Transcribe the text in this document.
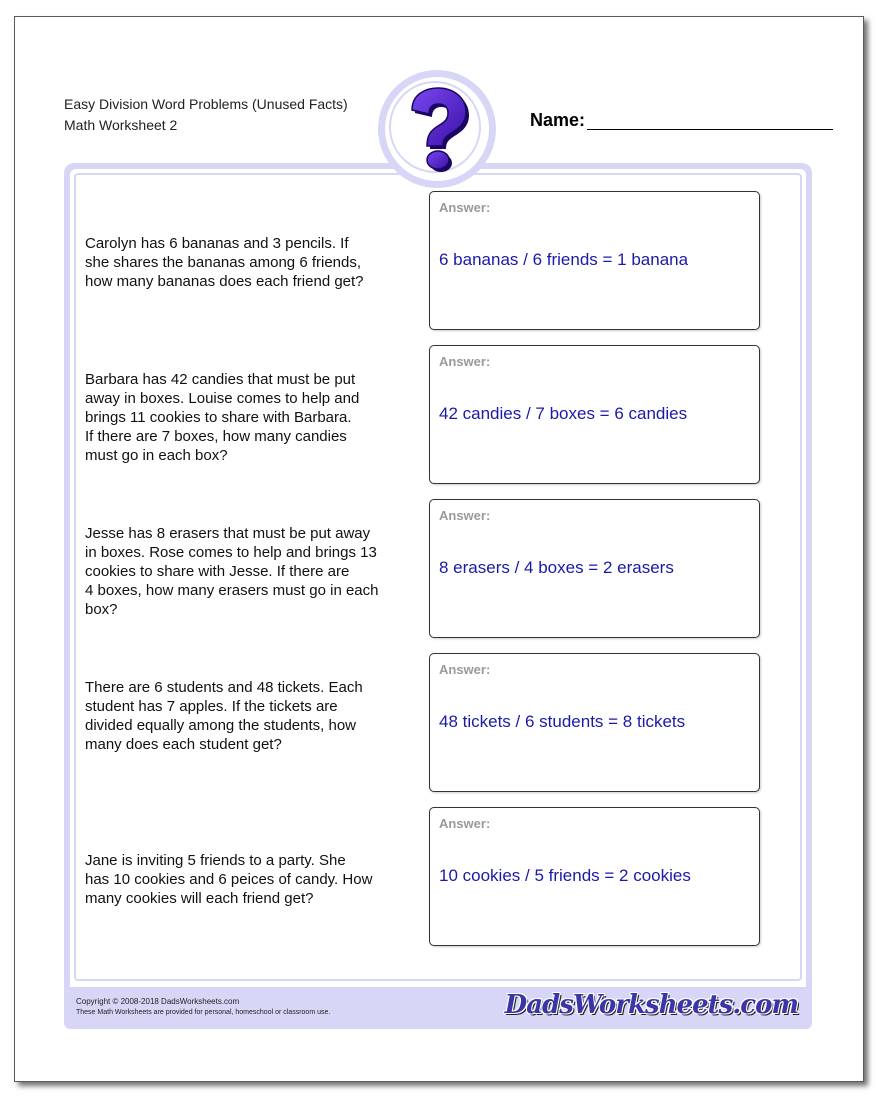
Easy Division Word Problems (Unused Facts)
Math Worksheet 2	Name:
Copyright © 2008-2018 DadsWorksheets.com
These Math Worksheets are provided for personal, homeschool or classroom use.	DadsWorksheets.com
Carolyn has 6 bananas and 3 pencils. If
she shares the bananas among 6 friends,
how many bananas does each friend get?
Answer:
6 bananas / 6 friends = 1 banana
Barbara has 42 candies that must be put
away in boxes. Louise comes to help and
brings 11 cookies to share with Barbara.
If there are 7 boxes, how many candies
must go in each box?
Answer:
42 candies / 7 boxes = 6 candies
Jesse has 8 erasers that must be put away
in boxes. Rose comes to help and brings 13
cookies to share with Jesse. If there are
4 boxes, how many erasers must go in each
box?
Answer:
8 erasers / 4 boxes = 2 erasers
There are 6 students and 48 tickets. Each
student has 7 apples. If the tickets are
divided equally among the students, how
many does each student get?
Answer:
48 tickets / 6 students = 8 tickets
Jane is inviting 5 friends to a party. She
has 10 cookies and 6 peices of candy. How
many cookies will each friend get?
Answer:
10 cookies / 5 friends = 2 cookies
